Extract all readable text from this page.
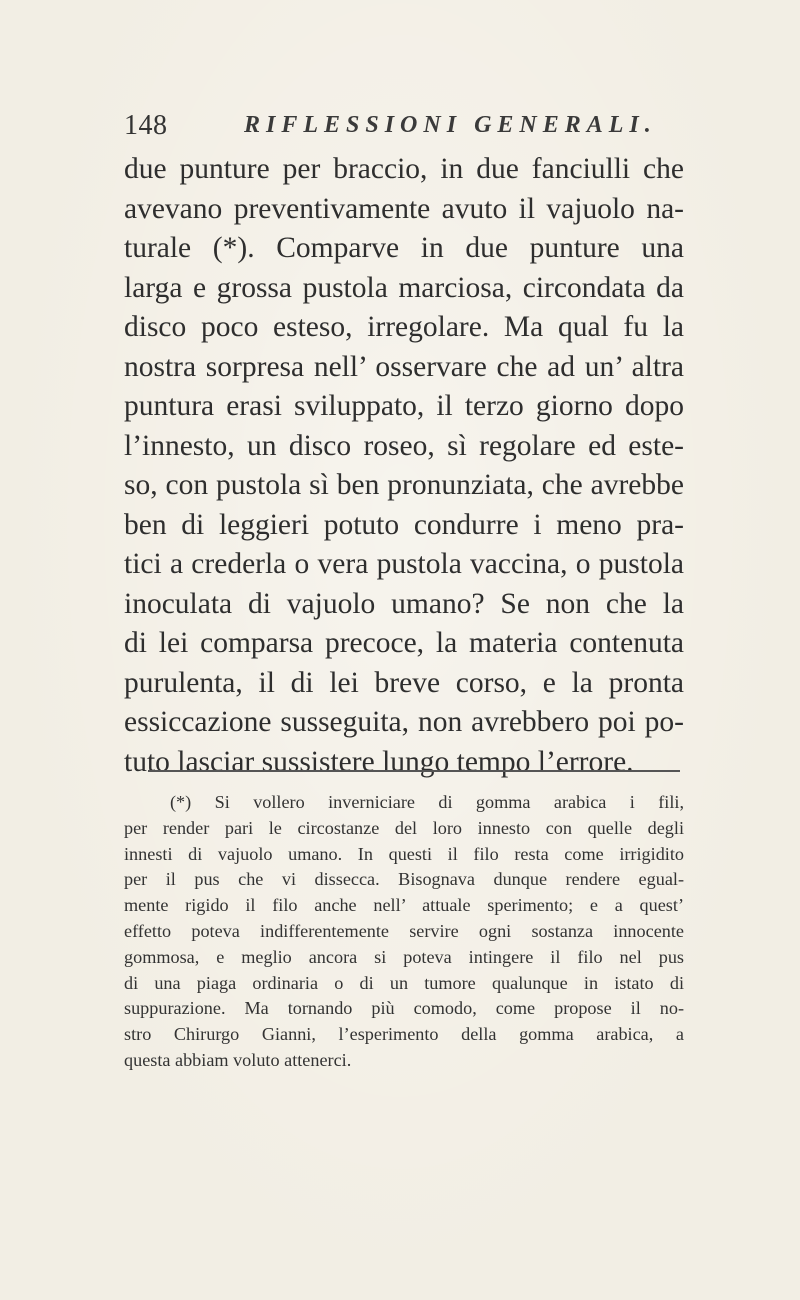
148	RIFLESSIONI GENERALI.
due punture per braccio, in due fanciulli che
avevano preventivamente avuto il vajuolo na-
turale (*). Comparve in due punture una
larga e grossa pustola marciosa, circondata da
disco poco esteso, irregolare. Ma qual fu la
nostra sorpresa nell’ osservare che ad un’ altra
puntura erasi sviluppato, il terzo giorno dopo
l’innesto, un disco roseo, sì regolare ed este-
so, con pustola sì ben pronunziata, che avrebbe
ben di leggieri potuto condurre i meno pra-
tici a crederla o vera pustola vaccina, o pustola
inoculata di vajuolo umano? Se non che la
di lei comparsa precoce, la materia contenuta
purulenta, il di lei breve corso, e la pronta
essiccazione susseguita, non avrebbero poi po-
tuto lasciar sussistere lungo tempo l’errore.
(*) Si vollero inverniciare di gomma arabica i fili,
per render pari le circostanze del loro innesto con quelle degli
innesti di vajuolo umano. In questi il filo resta come irrigidito
per il pus che vi dissecca. Bisognava dunque rendere egual-
mente rigido il filo anche nell’ attuale sperimento; e a quest’
effetto poteva indifferentemente servire ogni sostanza innocente
gommosa, e meglio ancora si poteva intingere il filo nel pus
di una piaga ordinaria o di un tumore qualunque in istato di
suppurazione. Ma tornando più comodo, come propose il no-
stro Chirurgo Gianni, l’esperimento della gomma arabica, a
questa abbiam voluto attenerci.
